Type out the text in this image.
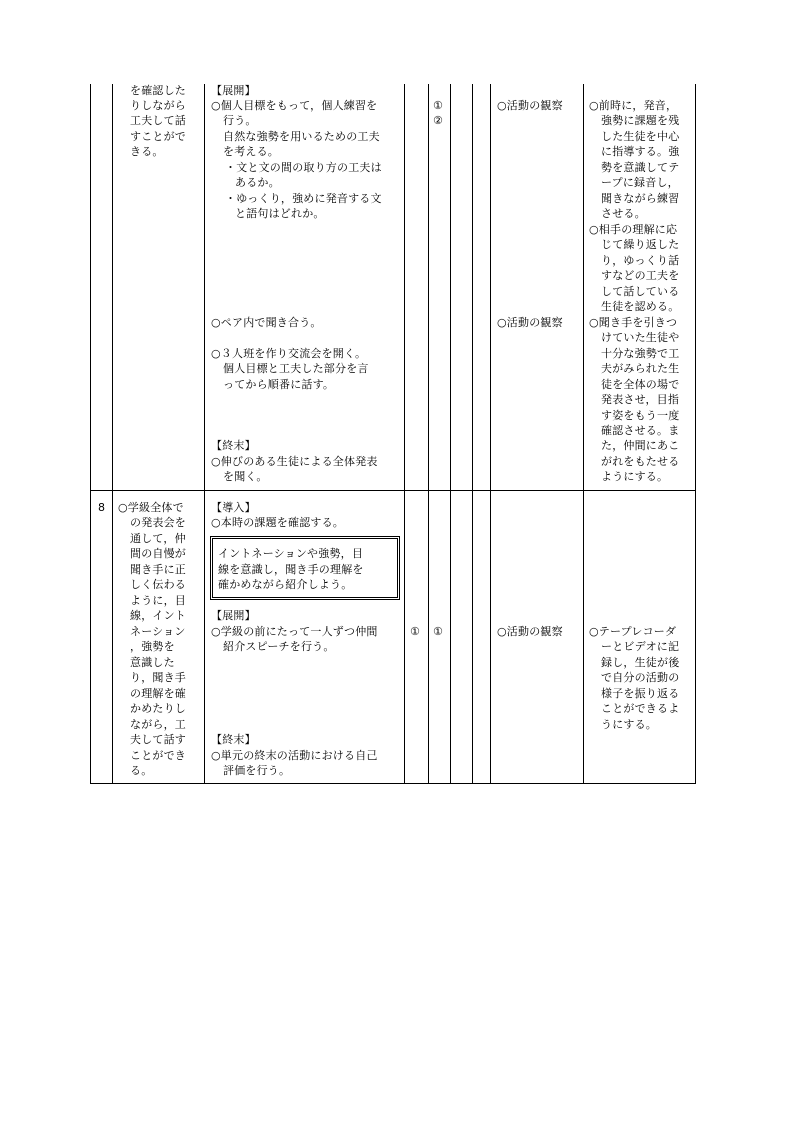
を確認した
りしながら
工夫して話
すことがで
きる。
【展開】
○個人目標をもって，個人練習を
行う。
自然な強勢を用いるための工夫
を考える。
・文と文の間の取り方の工夫は
あるか。
・ゆっくり，強めに発音する文
と語句はどれか。
○ペア内で聞き合う。
○３人班を作り交流会を開く。
個人目標と工夫した部分を言
ってから順番に話す。
【終末】
○伸びのある生徒による全体発表
を聞く。
①
②
○活動の観察
○活動の観察
○前時に，発音，
強勢に課題を残
した生徒を中心
に指導する。強
勢を意識してテ
ープに録音し，
聞きながら練習
させる。
○相手の理解に応
じて繰り返した
り，ゆっくり話
すなどの工夫を
して話している
生徒を認める。
○聞き手を引きつ
けていた生徒や
十分な強勢で工
夫がみられた生
徒を全体の場で
発表させ，目指
す姿をもう一度
確認させる。ま
た，仲間にあこ
がれをもたせる
ようにする。
8 ○学級全体で
の発表会を
通して，仲
間の自慢が
聞き手に正
しく伝わる
ように，目
線，イント
ネーション
，強勢を
意識した
り，聞き手
の理解を確
かめたりし
ながら，工
夫して話す
ことができ
る。
【導入】
○本時の課題を確認する。
イントネーションや強勢，目
線を意識し，聞き手の理解を
確かめながら紹介しよう。
【展開】
○学級の前にたって一人ずつ仲間
紹介スピーチを行う。
【終末】
○単元の終末の活動における自己
評価を行う。
① ①	○活動の観察 ○テープレコーダ
ーとビデオに記
録し，生徒が後
で自分の活動の
様子を振り返る
ことができるよ
うにする。
